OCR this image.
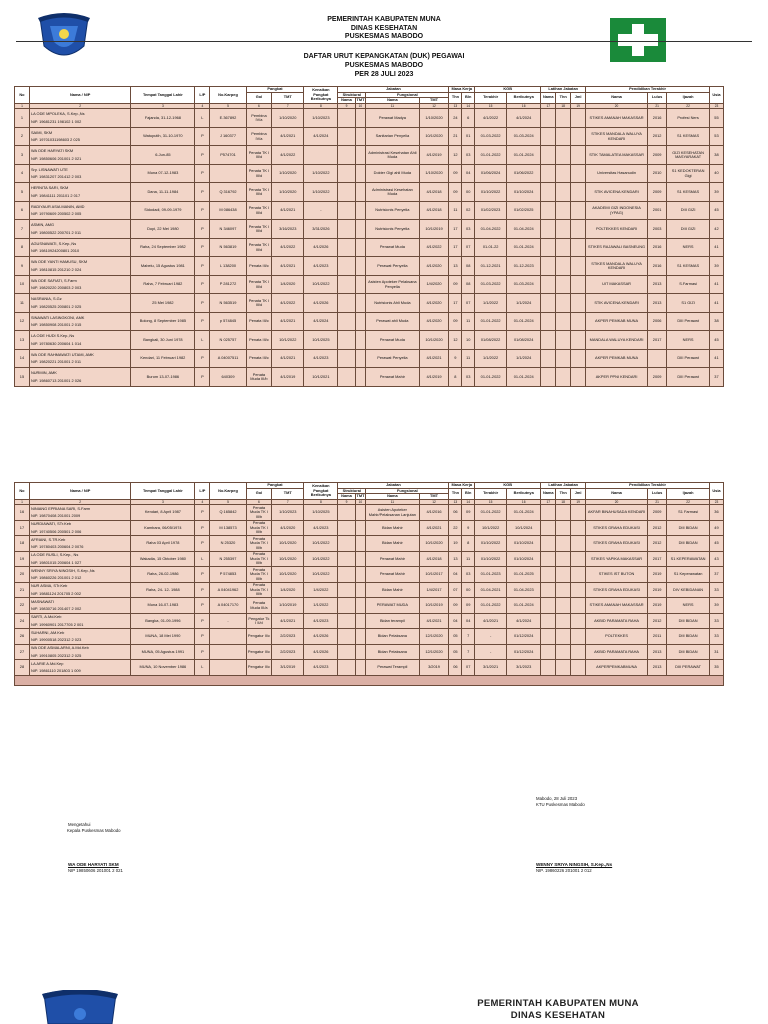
PEMERINTAH KABUPATEN MUNA
DINAS KESEHATAN
PUSKESMAS MABODO
DAFTAR URUT KEPANGKATAN (DUK) PEGAWAI
PUSKESMAS MABODO
PER 28 JULI 2023
No	Nama / NIP	Tempat Tanggal Lahir	L/P	No.Karpeg	Pangkat		Kenaikan Pangkat Berikutnya	Jabatan				Masa Kerja		KGB		Latihan Jabatan			Pendidikan Terakhir			Usia
					Gol	TMT		Struktural		Fungsional		Thn	Bln	Terakhir	Berikutnya	Nama	Thn	Jml	Nama	Lulus	Ijazah	
								Nama	TMT	Nama	TMT											
1	2	3	4	5	6	7	8	9	10	11	12	13	14	15	16	17	18	19	20	21	22	23
1	LA ODE MPOLEKA, S.Kep.,Ns
NIP. 19681231 198102 1 002	Fajanda, 31-12-1968	L	E.367892	Pembina IV/a	1/10/2020	1/10/2023			Perawat Madya	1/10/2020	24	6	4/1/2022	4/1/2024				STIKES AMANAH MAKASSAR	2016	Profesi Ners	55
2	SAIMI, SKM
NIP. 19701031198603 2 025	Watuputih, 31-10-1970	P	J 160377	Pembina IV/a	4/1/2021	4/1/2024			Sanitarian Penyelia	10/1/2020	21	01	01-03-2022	01-03-2024				STIKES MANDALA WALUYA KENDARI	2012	S1 KESMAS	53
3	WA ODE HARYATI SKM
NIP. 19850606 201001 2 021	6-Jun-85	P	P574701	Penata TK I III/d	4/1/2022				Administrasi Kesehatan Ahli Muda	4/1/2019	12	03	01-01-2022	01-01-2024				STIK TAMALATEA MAKASSAR	2009	GIZI KESEHATAN MASYARAKAT	38
4	Sry. LISNAWATI UTE
NIP. 19831207 201412 2 003	Muna 07-12-1983	P		Penata TK I III/d	1/10/2020	1/10/2022			Dokter Gigi ahli Muda	1/10/2020	09	04	01/06/2024	01/06/2022				Universitas Hasanudin	2010	S1 KEDOKTERAN Gigi	40
5	HERNITA SARI, SKM
NIP. 19841111 201101 2 017	Dana, 11-11-1984	P	Q 316792	Penata TK I III/d	1/10/2020	1/10/2022			Administrasi Kesehatan Muda	4/1/2018	09	00	01/10/2022	01/10/2024				STIK AVICENA KENDARI	2009	S1 KESMAS	39
6	RADIYAUR ASIA MANIN, AMD
NIP. 19790609 200502 2 005	Sidodadi, 09-09-1979	P	M 086438	Penata TK I III/d	4/1/2021	-			Nutrisionis Penyelia	4/1/2018	11	02	01/02/2023	01/02/2025				AKADEMI GIZI INDONESIA (YPAG)	2001	DIII GIZI	45
7	ASMIN, AMG
NIP. 19800522 200701 2 011	Dopi, 22 Mei 1980	P	N 346097	Penata TK I III/d	3/16/2023	3/31/2026			Nutrisionis Penyelia	10/1/2019	17	03	01-04-2022	01-04-2024				POLTEKKES KENDARI	2003	DIII GIZI	42
8	AGUSNAWATI, S.Kep.,Ns
NIP. 19810924200801 2010	Raha, 24 September 1982	P	N 563819	Penata TK I III/d	4/1/2022	4/1/2026			Perawat Muda	4/1/2022	17	07	01-01-22	01-01-2024				STIKES RAJAWALI BASNEUNG	2016	NERS	41
9	WA ODE YANTI HAMUSU, SKM
NIP. 19810815 201210 2 024	Mabelu, 15 Agustus 1981	P	L 138200	Penata III/c	4/1/2021	4/1/2023			Perawat Penyelia	4/1/2020	13	08	01-12-2021	01-12-2023				STIKES MANDALA WALUYA KENDARI	2016	S1 KESMAS	39
10	WA ODE SAFIATI, S.Farm
NIP. 19820220 200803 2 003	Raha, 7 Februari 1982	P	P 281272	Penata TK I III/d	1/4/2020	10/1/2022			Asisten Apoteker Pelaksana Penyelia	1/4/2020	09	08	01-03-2022	01-03-2024				UIT MAKASSAR	2013	S.Farmasi	41
11	NASRANIA, S.Gz
NIP. 19820525 200801 2 025	25 Mei 1982	P	N 563519	Penata TK I III/d	4/1/2022	4/1/2026			Nutrisionis Ahli Muda	4/1/2020	17	07	1/1/2022	1/1/2024				STIK AVICENA KENDARI	2013	S1 GIZI	41
12	SINAWATI LASINGKONI, AMK
NIP. 19850908 201001 2 015	Bolong, 8 September 1985	P	p 574845	Penata III/c	4/1/2021	4/1/2024			Perawat ahli Muda	4/1/2020	09	11	01-01-2022	01-01-2024				AKPER PEMKAB MUNA	2006	DIII Perawat	38
13	LA ODE HUDI S.Kep.,Ns
NIP. 19780630 200604 1 014	Bangkali, 30 Juni 1978	L	N 025757	Penata III/c	10/1/2022	10/1/2025			Perawat Muda	10/1/2020	12	10	01/08/2022	01/08/2024				MANDALA WALUYA KENDARI	2017	NERS	45
14	WA ODE RAHMAWATI UTAMI, AMK
NIP. 19820221 201001 2 011	Kendari, 11 Februari 1982	P	A 04007511	Penata III/c	4/1/2021	4/1/2023			Perawat Penyelia	4/1/2021	9	11	1/1/2022	1/1/2024				AKPER PEMKAB MUNA		DIII Perawat	41
15	NURMIN, AMK
NIP. 19860713 201001 2 026	Burom 13-07-1986	P	640309	Penata Muda III/b	4/1/2019	10/1/2021			Perawat Mahir	4/1/2019	8	03	01-01-2022	01-01-2024				AKPER PPNI KENDARI	2009	DIII Perawat	37
No	Nama / NIP	Tempat Tanggal Lahir	L/P	No.Karpeg	Pangkat		Kenaikan Pangkat Berikutnya	Jabatan				Masa Kerja		KGB		Latihan Jabatan			Pendidikan Terakhir			Usia
					Gol	TMT		Struktural		Fungsional		Thn	Bln	Terakhir	Berikutnya	Nama	Thn	Jml	Nama	Lulus	Ijazah	
								Nama	TMT	Nama	TMT											
1	2	3	4	5	6	7	8	9	10	11	12	13	14	15	16	17	18	19	20	21	22	23
16	NINIANG EPRIANA SARI, S.Farm
NIP. 19870408 201001 2009	Kendari, 8 April 1987	P	Q 165842	Penata Muda TK I III/b	1/10/2023	1/10/2025			Asisten Apoteker Mahir/Pelaksanan Lanjutan	4/1/2016	06	09	01-01-2022	01-01-2024				AKFAR BINAHUSADA KENDARI	2009	S1 Farmasi	36
17	NURDIAWATI, STr.Keb
NIP. 19740506 200501 2 006	Kambara, 06/05/1974	P	M 138573	Penata Muda TK I III/b	4/1/2020	4/1/2023			Bidan Mahir	4/1/2021	22	9	10/1/2022	10/1/2024				STIKES GRAHA EDUKASI	2012	DIII BIDAN	49
18	AFRIANI, S.TR.Keb
NIP. 19780403 200604 2 0076	Raha 03 April 1978	P	N 25320	Penata Muda TK I III/b	10/1/2020	10/1/2022			Bidan Mahir	10/1/2020	19	8	01/10/2022	01/10/2024				STIKES GRAHA EDUKASI	2012	DIII BIDAN	45
19	LA ODE RUSLI, S.Kep., Ns
NIP. 19801015 200604 1 027	Wakadia, 15 Oktober 1980	L	N 255397	Penata Muda TK I III/b	10/1/2020	10/1/2022			Perawat Mahir	4/1/2018	13	11	01/10/2022	01/10/2024				STIKES YAPIKA MAKASSAR	2017	S1 KEPERAWATAN	43
20	WENNY SRIYA NINGSIH, S.Kep.,Ns
NIP. 19860226 201001 2 012	Raha, 26-02-1986	P	P 574853	Penata Muda TK I III/b	10/1/2020	10/1/2022			Perawat Mahir	10/1/2017	04	03	01-01-2023	01-01-2025				STIKES IST BUTON	2019	S1 Keperawatan	37
21	NUR ASMA, STr.Keb
NIP. 19881124 201705 2 002	Raha, 24- 12- 1988	P	A 04041962	Penata Muda TK I III/b	1/4/2020	1/4/2022			Bidan Mahir	1/4/2017	07	00	01-04-2021	01-04-2023				STIKES GRAHA EDUKASI	2019	DIV KEBIDANAN	33
22	MASNAWATI
NIP. 19830716 201407 2 002	Muna 16-07-1983	P	A 04017170	Penata Muda III/a	1/10/2019	1/1/2022			PERAWAT MUDA	10/1/2019	09	09	01-01-2022	01-01-2024				STIKES AMANAH MAKASSAR	2019	NERS	39
24	SARTI, A.Md.Keb
NIP. 19960901 2017705 2 001	Bangka, 01-09-1996	P	-	Pengatur Tk I II/d	4/1/2021	4/1/2023			Bidan terampil	4/1/2021	04	04	4/1/2021	4/1/2024				AKBID PARAMATA RAHA	2012	DIII BIDAN	33
26	SUHARNI, AM.Keb
NIP. 19900518 202312 2 023	MUNA, 18 Mei 1990	P		Pengatur II/c	2/2/2023	4/1/2026			Bidan Pelaksana	12/1/2020	05	7	-	01/12/2024				POLTEKKES	2011	DIII BIDAN	33
27	WA ODE ASMALARNI, A.Md.Keb
NIP. 19910805 202312 2 025	MUNA, 05 Agustus 1991	P		Pengatur II/c	2/2/2023	4/1/2026			Bidan Pelaksana	12/1/2020	05	7	-	01/12/2024				AKBID PARAMATA RAHA	2013	DIII BIDAN	31
28	LA ARIE A.Md.Kep
NIP. 19861110 201803 1 009	MUNA, 10 November 1986	L		Pengatur II/c	3/1/2019	4/1/2023			Perawat Terampil	3/2019	06	07	3/1/2021	3/1/2023				AKPERPEMKABMUNA	2013	DIII PERAWAT	35

Mengetahui
Kepala Puskesmas Mabodo
WA ODE HARYATI SKM
NIP 19850606 201001 2 021
Mabodo, 28 Juli 2023
KTU Puskesmas Mabodo
WENNY SRIYA NINGSIH, S.Kep.,Ns
NIP. 19860226 201001 2 012
PEMERINTAH KABUPATEN MUNA
DINAS KESEHATAN
